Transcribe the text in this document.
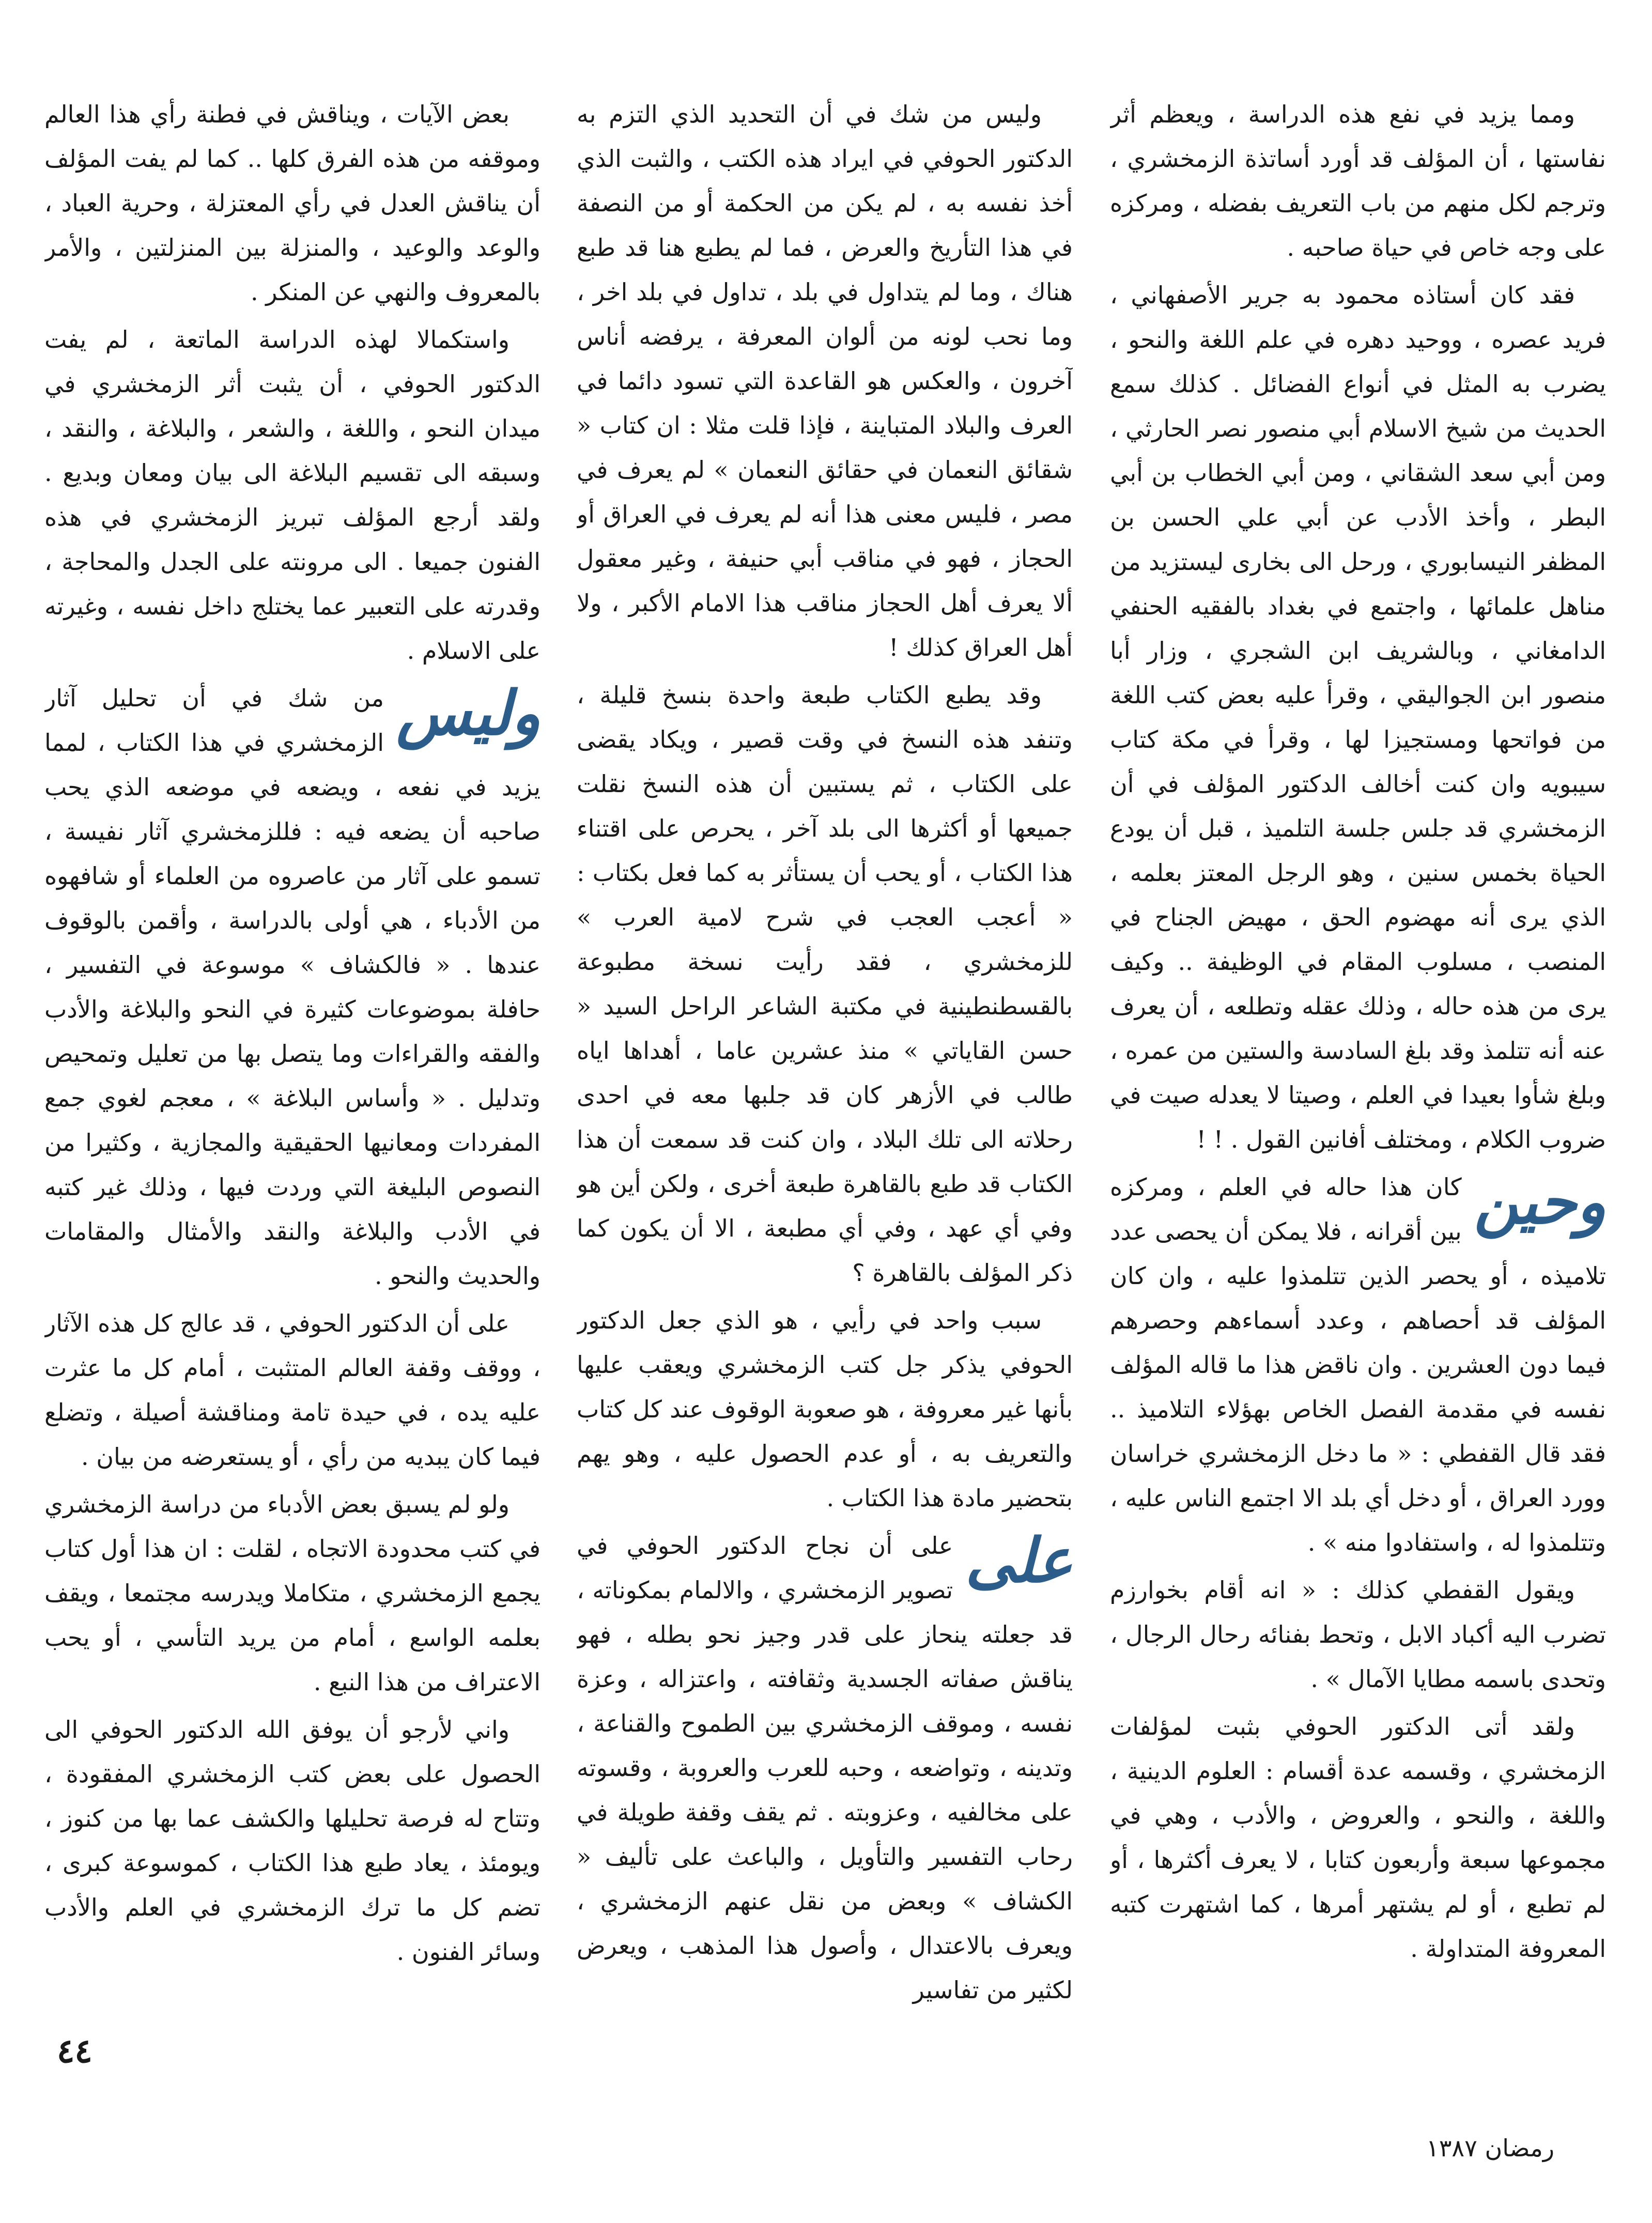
ومما يزيد في نفع هذه الدراسة ، ويعظم أثر نفاستها ، أن المؤلف قد أورد أساتذة الزمخشري ، وترجم لكل منهم من باب التعريف بفضله ، ومركزه على وجه خاص في حياة صاحبه .

فقد كان أستاذه محمود به جرير الأصفهاني ، فريد عصره ، ووحيد دهره في علم اللغة والنحو ، يضرب به المثل في أنواع الفضائل . كذلك سمع الحديث من شيخ الاسلام أبي منصور نصر الحارثي ، ومن أبي سعد الشقاني ، ومن أبي الخطاب بن أبي البطر ، وأخذ الأدب عن أبي علي الحسن بن المظفر النيسابوري ، ورحل الى بخارى ليستزيد من مناهل علمائها ، واجتمع في بغداد بالفقيه الحنفي الدامغاني ، وبالشريف ابن الشجري ، وزار أبا منصور ابن الجواليقي ، وقرأ عليه بعض كتب اللغة من فواتحها ومستجيزا لها ، وقرأ في مكة كتاب سيبويه وان كنت أخالف الدكتور المؤلف في أن الزمخشري قد جلس جلسة التلميذ ، قبل أن يودع الحياة بخمس سنين ، وهو الرجل المعتز بعلمه ، الذي يرى أنه مهضوم الحق ، مهيض الجناح في المنصب ، مسلوب المقام في الوظيفة .. وكيف يرى من هذه حاله ، وذلك عقله وتطلعه ، أن يعرف عنه أنه تتلمذ وقد بلغ السادسة والستين من عمره ، وبلغ شأوا بعيدا في العلم ، وصيتا لا يعدله صيت في ضروب الكلام ، ومختلف أفانين القول . ! !

وحين
كان هذا حاله في العلم ، ومركزه بين أقرانه ، فلا يمكن أن يحصى عدد تلاميذه ، أو يحصر الذين تتلمذوا عليه ، وان كان المؤلف قد أحصاهم ، وعدد أسماءهم وحصرهم فيما دون العشرين . وان ناقض هذا ما قاله المؤلف نفسه في مقدمة الفصل الخاص بهؤلاء التلاميذ .. فقد قال القفطي : « ما دخل الزمخشري خراسان وورد العراق ، أو دخل أي بلد الا اجتمع الناس عليه ، وتتلمذوا له ، واستفادوا منه » .

ويقول القفطي كذلك : « انه أقام بخوارزم تضرب اليه أكباد الابل ، وتحط بفنائه رحال الرجال ، وتحدى باسمه مطايا الآمال » .

ولقد أتى الدكتور الحوفي بثبت لمؤلفات الزمخشري ، وقسمه عدة أقسام : العلوم الدينية ، واللغة ، والنحو ، والعروض ، والأدب ، وهي في مجموعها سبعة وأربعون كتابا ، لا يعرف أكثرها ، أو لم تطبع ، أو لم يشتهر أمرها ، كما اشتهرت كتبه المعروفة المتداولة .

وليس من شك في أن التحديد الذي التزم به الدكتور الحوفي في ايراد هذه الكتب ، والثبت الذي أخذ نفسه به ، لم يكن من الحكمة أو من النصفة في هذا التأريخ والعرض ، فما لم يطبع هنا قد طبع هناك ، وما لم يتداول في بلد ، تداول في بلد اخر ، وما نحب لونه من ألوان المعرفة ، يرفضه أناس آخرون ، والعكس هو القاعدة التي تسود دائما في العرف والبلاد المتباينة ، فإذا قلت مثلا : ان كتاب « شقائق النعمان في حقائق النعمان » لم يعرف في مصر ، فليس معنى هذا أنه لم يعرف في العراق أو الحجاز ، فهو في مناقب أبي حنيفة ، وغير معقول ألا يعرف أهل الحجاز مناقب هذا الامام الأكبر ، ولا أهل العراق كذلك !

وقد يطبع الكتاب طبعة واحدة بنسخ قليلة ، وتنفد هذه النسخ في وقت قصير ، ويكاد يقضى على الكتاب ، ثم يستبين أن هذه النسخ نقلت جميعها أو أكثرها الى بلد آخر ، يحرص على اقتناء هذا الكتاب ، أو يحب أن يستأثر به كما فعل بكتاب : « أعجب العجب في شرح لامية العرب » للزمخشري ، فقد رأيت نسخة مطبوعة بالقسطنطينية في مكتبة الشاعر الراحل السيد « حسن القاياتي » منذ عشرين عاما ، أهداها اياه طالب في الأزهر كان قد جلبها معه في احدى رحلاته الى تلك البلاد ، وان كنت قد سمعت أن هذا الكتاب قد طبع بالقاهرة طبعة أخرى ، ولكن أين هو وفي أي عهد ، وفي أي مطبعة ، الا أن يكون كما ذكر المؤلف بالقاهرة ؟

سبب واحد في رأيي ، هو الذي جعل الدكتور الحوفي يذكر جل كتب الزمخشري ويعقب عليها بأنها غير معروفة ، هو صعوبة الوقوف عند كل كتاب والتعريف به ، أو عدم الحصول عليه ، وهو يهم بتحضير مادة هذا الكتاب .

على
على أن نجاح الدكتور الحوفي في تصوير الزمخشري ، والالمام بمكوناته ، قد جعلته ينحاز على قدر وجيز نحو بطله ، فهو يناقش صفاته الجسدية وثقافته ، واعتزاله ، وعزة نفسه ، وموقف الزمخشري بين الطموح والقناعة ، وتدينه ، وتواضعه ، وحبه للعرب والعروبة ، وقسوته على مخالفيه ، وعزوبته . ثم يقف وقفة طويلة في رحاب التفسير والتأويل ، والباعث على تأليف « الكشاف » وبعض من نقل عنهم الزمخشري ، ويعرف بالاعتدال ، وأصول هذا المذهب ، ويعرض لكثير من تفاسير

بعض الآيات ، ويناقش في فطنة رأي هذا العالم وموقفه من هذه الفرق كلها .. كما لم يفت المؤلف أن يناقش العدل في رأي المعتزلة ، وحرية العباد ، والوعد والوعيد ، والمنزلة بين المنزلتين ، والأمر بالمعروف والنهي عن المنكر .

واستكمالا لهذه الدراسة الماتعة ، لم يفت الدكتور الحوفي ، أن يثبت أثر الزمخشري في ميدان النحو ، واللغة ، والشعر ، والبلاغة ، والنقد ، وسبقه الى تقسيم البلاغة الى بيان ومعان وبديع . ولقد أرجع المؤلف تبريز الزمخشري في هذه الفنون جميعا . الى مرونته على الجدل والمحاجة ، وقدرته على التعبير عما يختلج داخل نفسه ، وغيرته على الاسلام .

وليس
من شك في أن تحليل آثار الزمخشري في هذا الكتاب ، لمما يزيد في نفعه ، ويضعه في موضعه الذي يحب صاحبه أن يضعه فيه : فللزمخشري آثار نفيسة ، تسمو على آثار من عاصروه من العلماء أو شافهوه من الأدباء ، هي أولى بالدراسة ، وأقمن بالوقوف عندها . « فالكشاف » موسوعة في التفسير ، حافلة بموضوعات كثيرة في النحو والبلاغة والأدب والفقه والقراءات وما يتصل بها من تعليل وتمحيص وتدليل . « وأساس البلاغة » ، معجم لغوي جمع المفردات ومعانيها الحقيقية والمجازية ، وكثيرا من النصوص البليغة التي وردت فيها ، وذلك غير كتبه في الأدب والبلاغة والنقد والأمثال والمقامات والحديث والنحو .

على أن الدكتور الحوفي ، قد عالج كل هذه الآثار ، ووقف وقفة العالم المتثبت ، أمام كل ما عثرت عليه يده ، في حيدة تامة ومناقشة أصيلة ، وتضلع فيما كان يبديه من رأي ، أو يستعرضه من بيان .

ولو لم يسبق بعض الأدباء من دراسة الزمخشري في كتب محدودة الاتجاه ، لقلت : ان هذا أول كتاب يجمع الزمخشري ، متكاملا ويدرسه مجتمعا ، ويقف بعلمه الواسع ، أمام من يريد التأسي ، أو يحب الاعتراف من هذا النبع .

واني لأرجو أن يوفق الله الدكتور الحوفي الى الحصول على بعض كتب الزمخشري المفقودة ، وتتاح له فرصة تحليلها والكشف عما بها من كنوز ، ويومئذ ، يعاد طبع هذا الكتاب ، كموسوعة كبرى ، تضم كل ما ترك الزمخشري في العلم والأدب وسائر الفنون .

٤٤
رمضان ١٣٨٧
